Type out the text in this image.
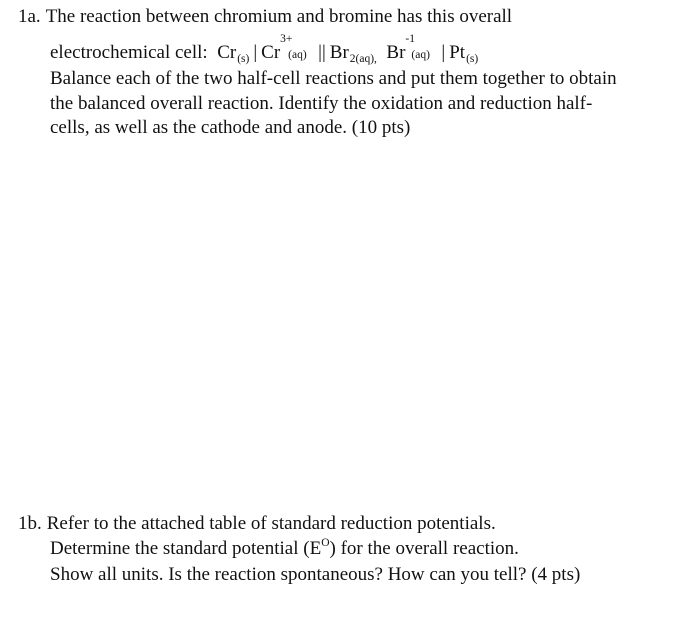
1a. The reaction between chromium and bromine has this overall

electrochemical cell: $Cr_{(s)}$ | Cr
3+
(aq) || $Br_{2(aq),}$ Br
-1
(aq) | $Pt_{(s)}$

Balance each of the two half-cell reactions and put them together to obtain

the balanced overall reaction. Identify the oxidation and reduction half-

cells, as well as the cathode and anode. (10 pts)

1b. Refer to the attached table of standard reduction potentials.

Determine the standard potential $(E^O)$ for the overall reaction.

Show all units. Is the reaction spontaneous? How can you tell? (4 pts)
